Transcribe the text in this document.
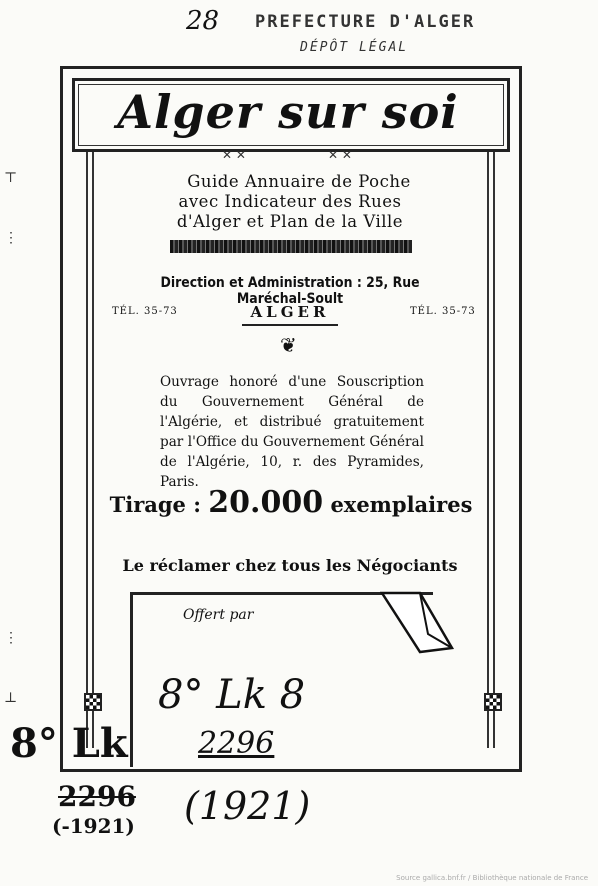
28 PREFECTURE D'ALGER
DÉPÔT LÉGAL
Alger sur soi
✕ ✕	✕ ✕
Guide Annuaire de Poche
avec Indicateur des Rues
d'Alger et Plan de la Ville
Direction et Administration : 25, Rue Maréchal-Soult
TÉL. 35-73	TÉL. 35-73
ALGER
❦
Ouvrage honoré d'une Souscription du Gouvernement Général de l'Algérie, et distribué gratuitement par l'Office du Gouvernement Général de l'Algérie, 10, r. des Pyramides, Paris.
Tirage : 20.000 exemplaires
Le réclamer chez tous les Négociants
Offert par
8° Lk 8
2296
8° Lk
2296
(-1921) (1921)
⊤
⋮
⋮
⊥
Source gallica.bnf.fr / Bibliothèque nationale de France
